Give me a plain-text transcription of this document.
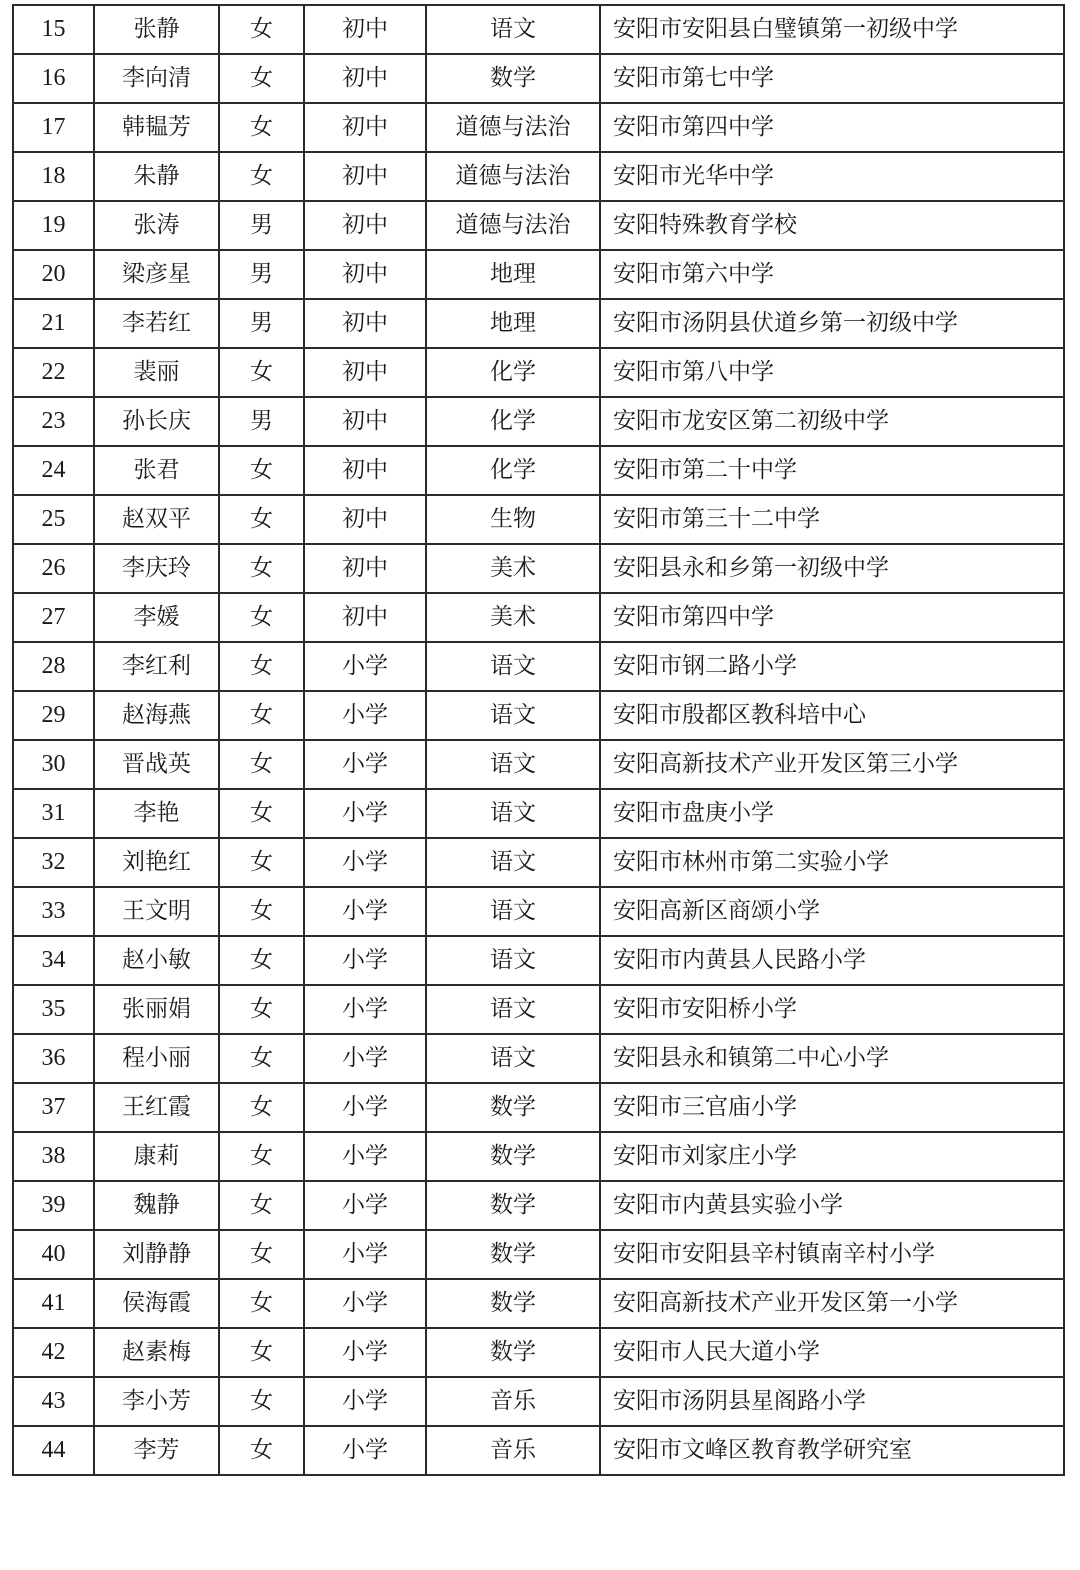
15	张静	女	初中	语文	安阳市安阳县白璧镇第一初级中学
16	李向清	女	初中	数学	安阳市第七中学
17	韩韫芳	女	初中	道德与法治	安阳市第四中学
18	朱静	女	初中	道德与法治	安阳市光华中学
19	张涛	男	初中	道德与法治	安阳特殊教育学校
20	梁彦星	男	初中	地理	安阳市第六中学
21	李若红	男	初中	地理	安阳市汤阴县伏道乡第一初级中学
22	裴丽	女	初中	化学	安阳市第八中学
23	孙长庆	男	初中	化学	安阳市龙安区第二初级中学
24	张君	女	初中	化学	安阳市第二十中学
25	赵双平	女	初中	生物	安阳市第三十二中学
26	李庆玲	女	初中	美术	安阳县永和乡第一初级中学
27	李媛	女	初中	美术	安阳市第四中学
28	李红利	女	小学	语文	安阳市钢二路小学
29	赵海燕	女	小学	语文	安阳市殷都区教科培中心
30	晋战英	女	小学	语文	安阳高新技术产业开发区第三小学
31	李艳	女	小学	语文	安阳市盘庚小学
32	刘艳红	女	小学	语文	安阳市林州市第二实验小学
33	王文明	女	小学	语文	安阳高新区商颂小学
34	赵小敏	女	小学	语文	安阳市内黄县人民路小学
35	张丽娟	女	小学	语文	安阳市安阳桥小学
36	程小丽	女	小学	语文	安阳县永和镇第二中心小学
37	王红霞	女	小学	数学	安阳市三官庙小学
38	康莉	女	小学	数学	安阳市刘家庄小学
39	魏静	女	小学	数学	安阳市内黄县实验小学
40	刘静静	女	小学	数学	安阳市安阳县辛村镇南辛村小学
41	侯海霞	女	小学	数学	安阳高新技术产业开发区第一小学
42	赵素梅	女	小学	数学	安阳市人民大道小学
43	李小芳	女	小学	音乐	安阳市汤阴县星阁路小学
44	李芳	女	小学	音乐	安阳市文峰区教育教学研究室
